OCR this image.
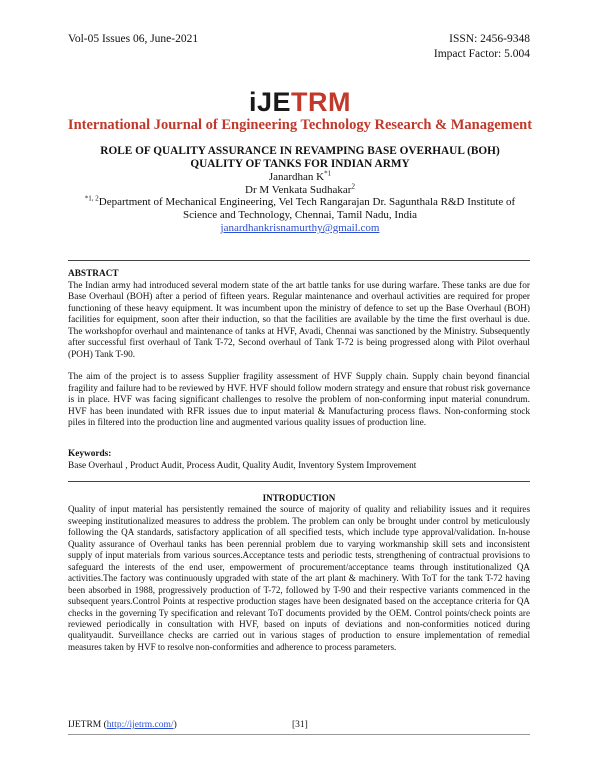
Vol-05 Issues 06, June-2021	ISSN: 2456-9348
Impact Factor: 5.004
iJETRM
International Journal of Engineering Technology Research & Management
ROLE OF QUALITY ASSURANCE IN REVAMPING BASE OVERHAUL (BOH)
QUALITY OF TANKS FOR INDIAN ARMY
Janardhan $K^{*1}$
Dr M Venkata Sudhakar$^2$
$^{*1, 2}$Department of Mechanical Engineering, Vel Tech Rangarajan Dr. Sagunthala R&D Institute of
Science and Technology, Chennai, Tamil Nadu, India
janardhankrisnamurthy@gmail.com
ABSTRACT

The Indian army had introduced several modern state of the art battle tanks for use during warfare. These tanks are due for Base Overhaul (BOH) after a period of fifteen years. Regular maintenance and overhaul activities are required for proper functioning of these heavy equipment. It was incumbent upon the ministry of defence to set up the Base Overhaul (BOH) facilities for equipment, soon after their induction, so that the facilities are available by the time the first overhaul is due. The workshopfor overhaul and maintenance of tanks at HVF, Avadi, Chennai was sanctioned by the Ministry. Subsequently after successful first overhaul of Tank T-72, Second overhaul of Tank T-72 is being progressed along with Pilot overhaul (POH) Tank T-90.

The aim of the project is to assess Supplier fragility assessment of HVF Supply chain. Supply chain beyond financial fragility and failure had to be reviewed by HVF. HVF should follow modern strategy and ensure that robust risk governance is in place. HVF was facing significant challenges to resolve the problem of non-conforming input material conundrum. HVF has been inundated with RFR issues due to input material & Manufacturing process flaws. Non-conforming stock piles in filtered into the production line and augmented various quality issues of production line.

Keywords:
Base Overhaul , Product Audit, Process Audit, Quality Audit, Inventory System Improvement
INTRODUCTION

Quality of input material has persistently remained the source of majority of quality and reliability issues and it requires sweeping institutionalized measures to address the problem. The problem can only be brought under control by meticulously following the QA standards, satisfactory application of all specified tests, which include type approval/validation. In-house Quality assurance of Overhaul tanks has been perennial problem due to varying workmanship skill sets and inconsistent supply of input materials from various sources.Acceptance tests and periodic tests, strengthening of contractual provisions to safeguard the interests of the end user, empowerment of procurement/acceptance teams through institutionalized QA activities.The factory was continuously upgraded with state of the art plant & machinery. With ToT for the tank T-72 having been absorbed in 1988, progressively production of T-72, followed by T-90 and their respective variants commenced in the subsequent years.Control Points at respective production stages have been designated based on the acceptance criteria for QA checks in the governing Ty specification and relevant ToT documents provided by the OEM. Control points/check points are reviewed periodically in consultation with HVF, based on inputs of deviations and non-conformities noticed during qualityaudit. Surveillance checks are carried out in various stages of production to ensure implementation of remedial measures taken by HVF to resolve non-conformities and adherence to process parameters.

IJETRM (http://ijetrm.com/)	[31]
